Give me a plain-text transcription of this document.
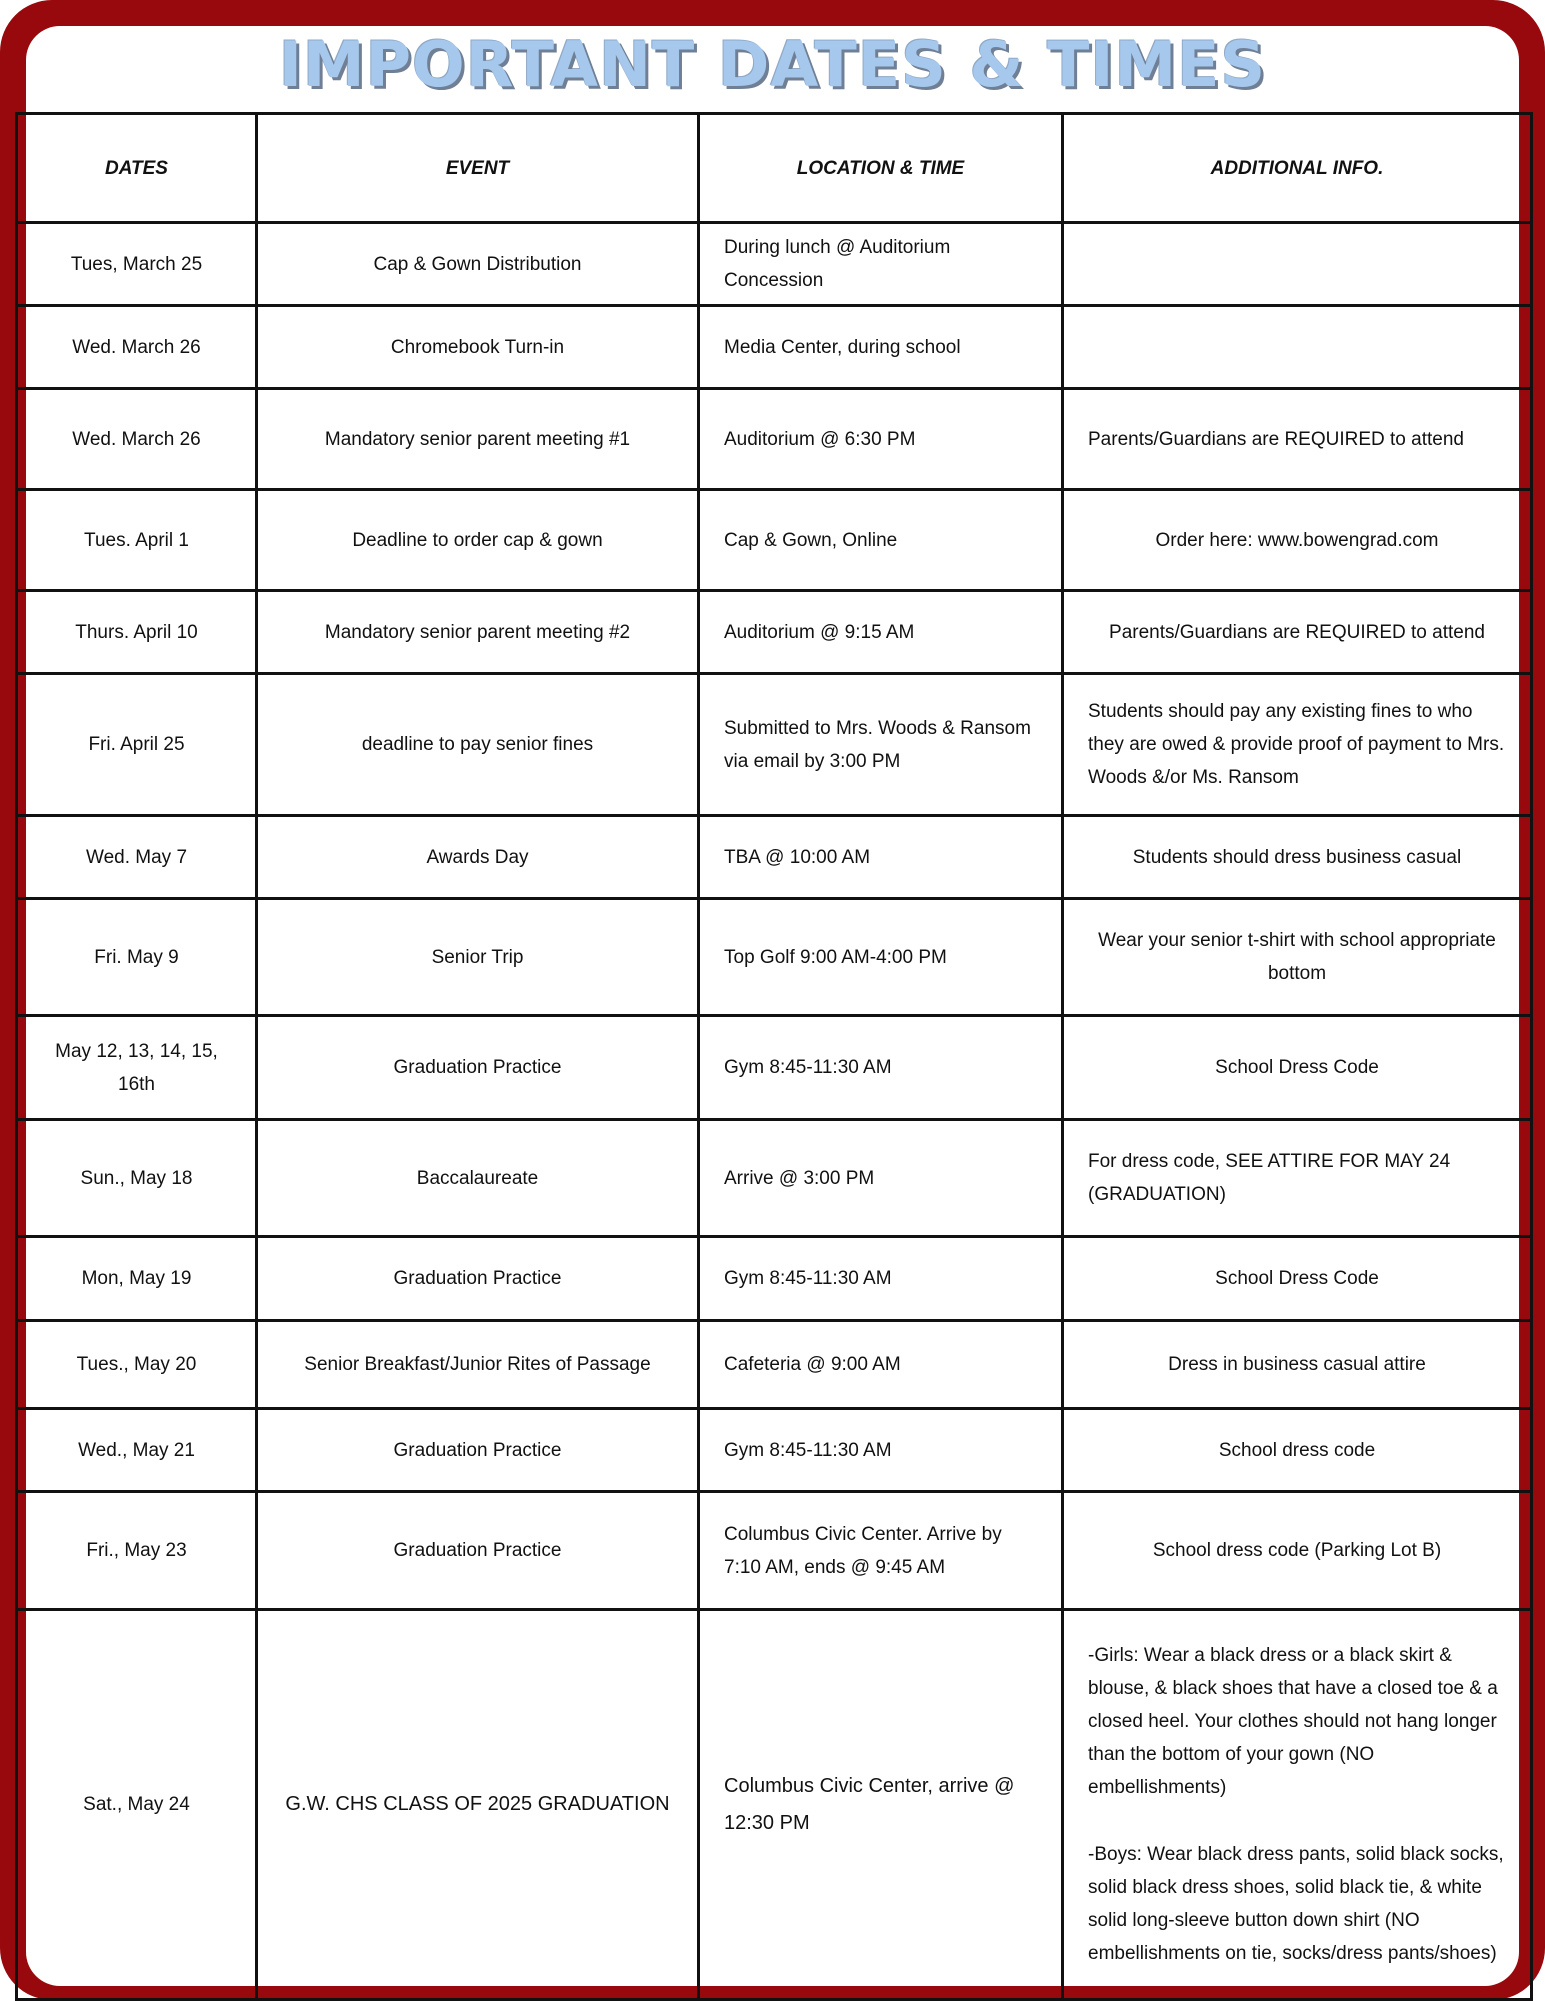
IMPORTANT DATES & TIMES
DATES	EVENT	LOCATION & TIME	ADDITIONAL INFO.
Tues, March 25	Cap & Gown Distribution	During lunch @ Auditorium Concession	
Wed. March 26	Chromebook Turn-in	Media Center, during school	
Wed. March 26	Mandatory senior parent meeting #1	Auditorium @ 6:30 PM	Parents/Guardians are REQUIRED to attend
Tues. April 1	Deadline to order cap & gown	Cap & Gown, Online	Order here: www.bowengrad.com
Thurs. April 10	Mandatory senior parent meeting #2	Auditorium @ 9:15 AM	Parents/Guardians are REQUIRED to attend
Fri. April 25	deadline to pay senior fines	Submitted to Mrs. Woods & Ransom via email by 3:00 PM	Students should pay any existing fines to who they are owed & provide proof of payment to Mrs. Woods &/or Ms. Ransom
Wed. May 7	Awards Day	TBA @ 10:00 AM	Students should dress business casual
Fri. May 9	Senior Trip	Top Golf 9:00 AM-4:00 PM	Wear your senior t-shirt with school appropriate bottom
May 12, 13, 14, 15, 16th	Graduation Practice	Gym 8:45-11:30 AM	School Dress Code
Sun., May 18	Baccalaureate	Arrive @ 3:00 PM	For dress code, SEE ATTIRE FOR MAY 24 (GRADUATION)
Mon, May 19	Graduation Practice	Gym 8:45-11:30 AM	School Dress Code
Tues., May 20	Senior Breakfast/Junior Rites of Passage	Cafeteria @ 9:00 AM	Dress in business casual attire
Wed., May 21	Graduation Practice	Gym 8:45-11:30 AM	School dress code
Fri., May 23	Graduation Practice	Columbus Civic Center. Arrive by 7:10 AM, ends @ 9:45 AM	School dress code (Parking Lot B)
Sat., May 24	G.W. CHS CLASS OF 2025 GRADUATION	Columbus Civic Center, arrive @ 12:30 PM	-Girls: Wear a black dress or a black skirt & blouse, & black shoes that have a closed toe & a closed heel. Your clothes should not hang longer than the bottom of your gown (NO embellishments)
-Boys: Wear black dress pants, solid black socks, solid black dress shoes, solid black tie, & white solid long-sleeve button down shirt (NO embellishments on tie, socks/dress pants/shoes)
